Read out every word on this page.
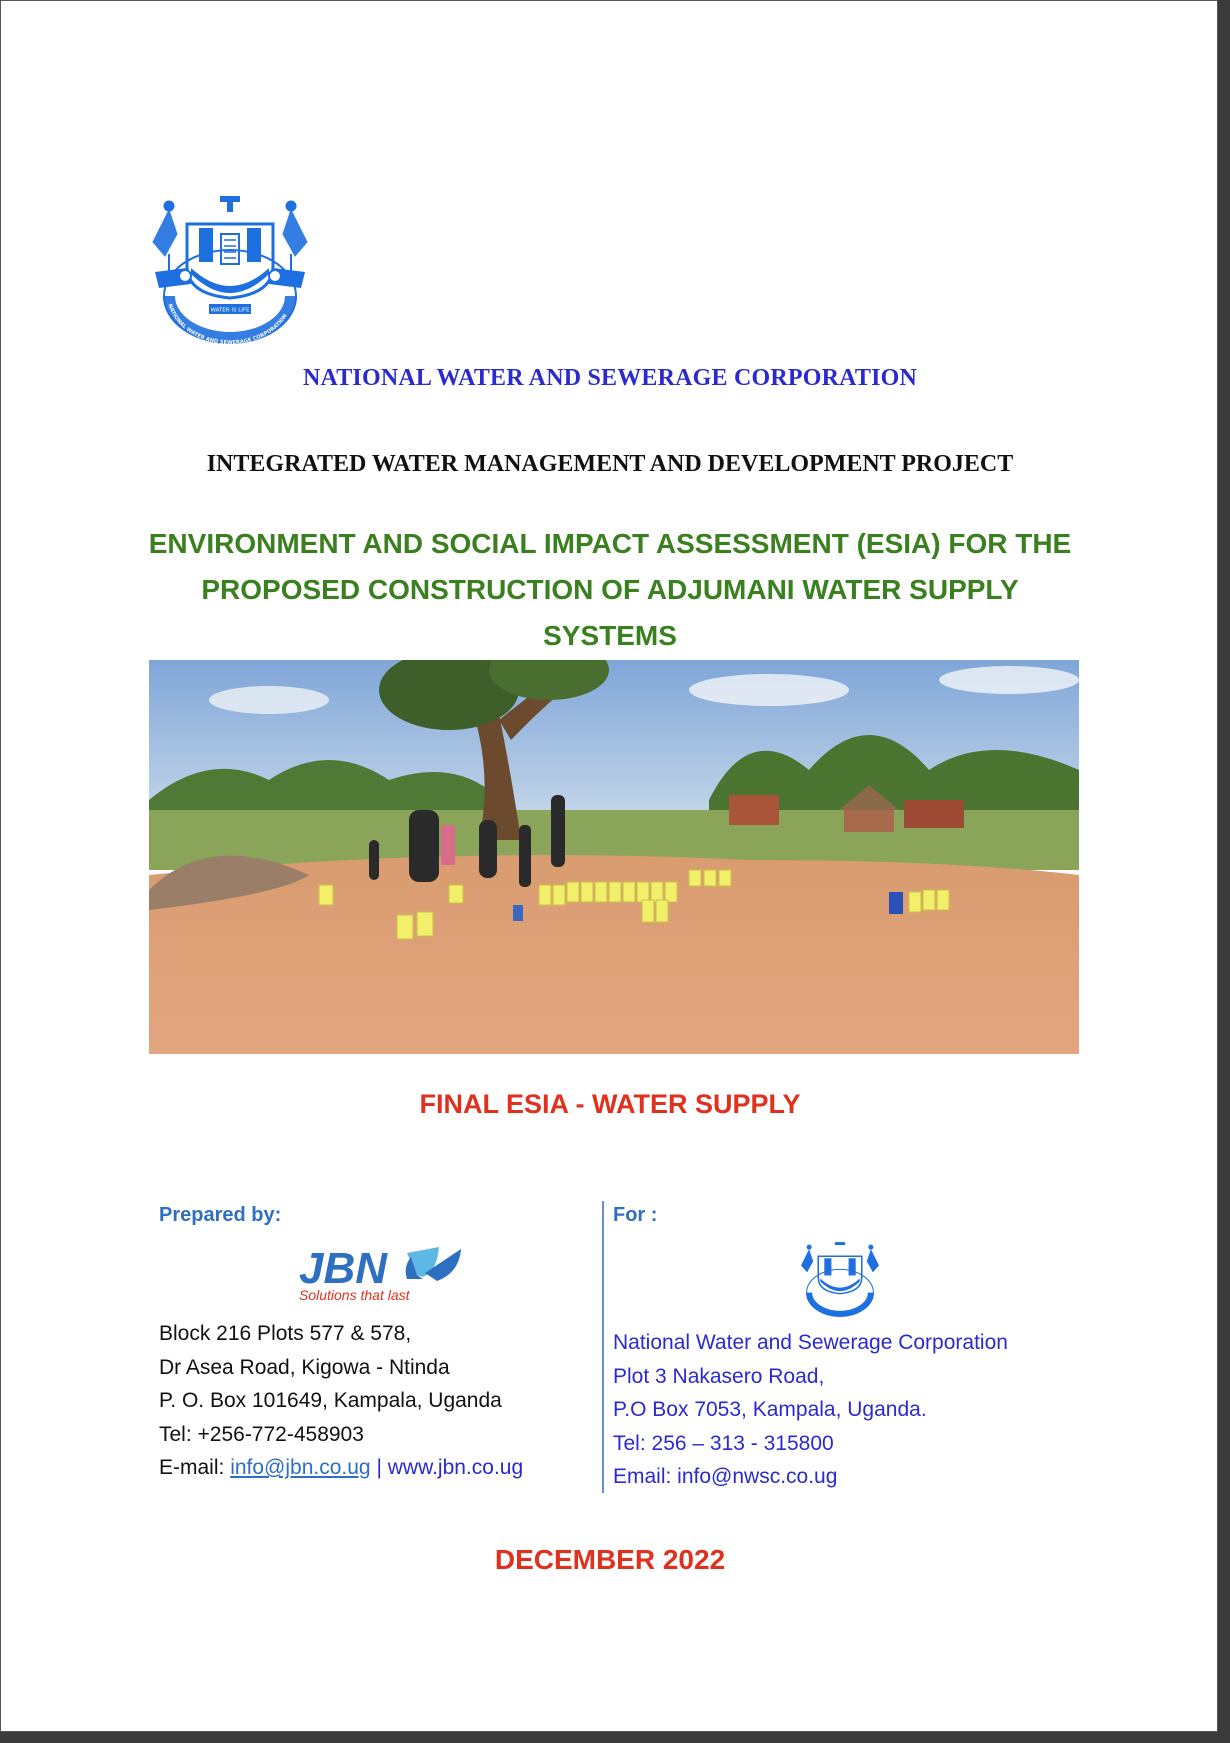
NATIONAL WATER AND SEWERAGE CORPORATION
WATER IS LIFE
NATIONAL WATER AND SEWERAGE CORPORATION
INTEGRATED WATER MANAGEMENT AND DEVELOPMENT PROJECT
ENVIRONMENT AND SOCIAL IMPACT ASSESSMENT (ESIA) FOR THE
PROPOSED CONSTRUCTION OF ADJUMANI WATER SUPPLY
SYSTEMS
FINAL ESIA - WATER SUPPLY
Prepared by:
JBN
Solutions that last
Block 216 Plots 577 & 578,
Dr Asea Road, Kigowa - Ntinda
P. O. Box 101649, Kampala, Uganda
Tel: +256-772-458903
E-mail: info@jbn.co.ug | www.jbn.co.ug
For :
National Water and Sewerage Corporation
Plot 3 Nakasero Road,
P.O Box 7053, Kampala, Uganda.
Tel: 256 – 313 - 315800
Email: info@nwsc.co.ug
DECEMBER 2022
